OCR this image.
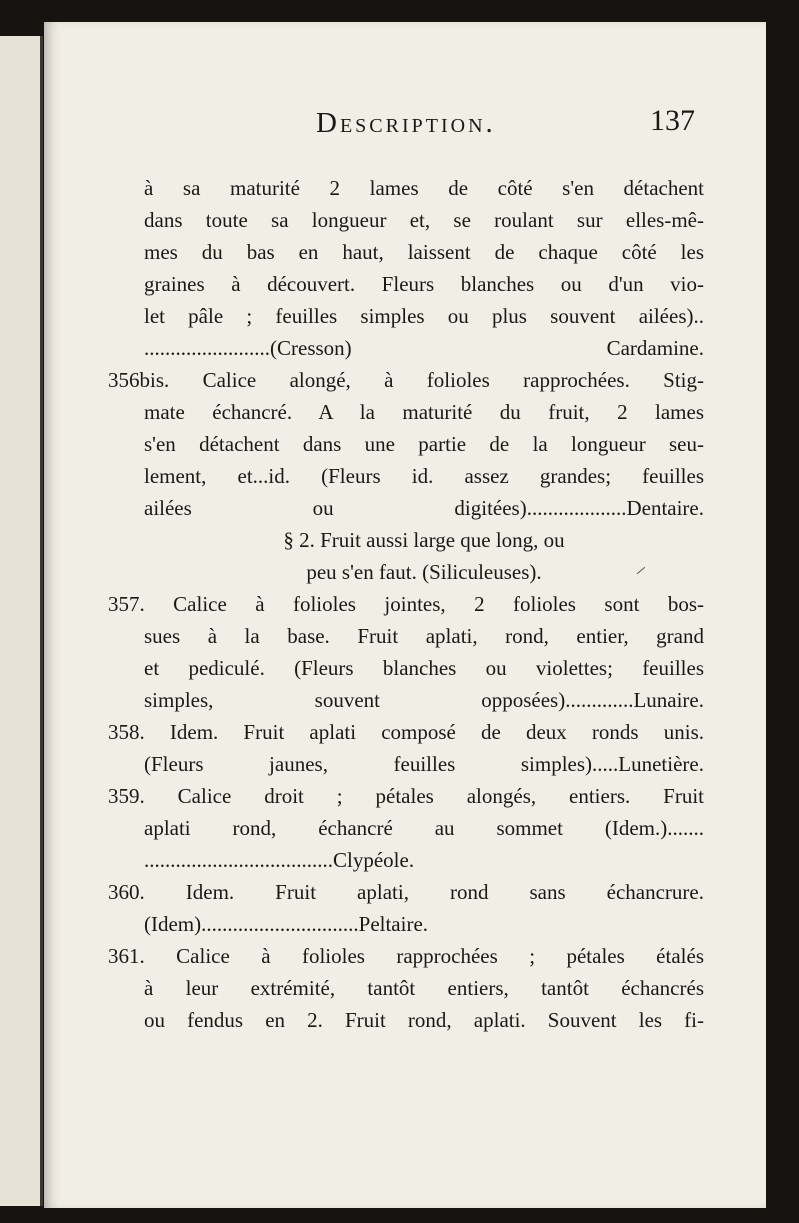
Description.	137
à sa maturité 2 lames de côté s'en détachent
dans toute sa longueur et, se roulant sur elles-mê-
mes du bas en haut, laissent de chaque côté les
graines à découvert. Fleurs blanches ou d'un vio-
let pâle ; feuilles simples ou plus souvent ailées)..
........................(Cresson) Cardamine.
356bis. Calice alongé, à folioles rapprochées. Stig-
mate échancré. A la maturité du fruit, 2 lames
s'en détachent dans une partie de la longueur seu-
lement, et...id. (Fleurs id. assez grandes; feuilles
ailées ou digitées)...................Dentaire.
§ 2. Fruit aussi large que long, ou
peu s'en faut. (Siliculeuses).
357. Calice à folioles jointes, 2 folioles sont bos-
sues à la base. Fruit aplati, rond, entier, grand
et pediculé. (Fleurs blanches ou violettes; feuilles
simples, souvent opposées).............Lunaire.
358. Idem. Fruit aplati composé de deux ronds unis.
(Fleurs jaunes, feuilles simples).....Lunetière.
359. Calice droit ; pétales alongés, entiers. Fruit
aplati rond, échancré au sommet (Idem.).......
....................................Clypéole.
360. Idem. Fruit aplati, rond sans échancrure.
(Idem)..............................Peltaire.
361. Calice à folioles rapprochées ; pétales étalés
à leur extrémité, tantôt entiers, tantôt échancrés
ou fendus en 2. Fruit rond, aplati. Souvent les fi-
